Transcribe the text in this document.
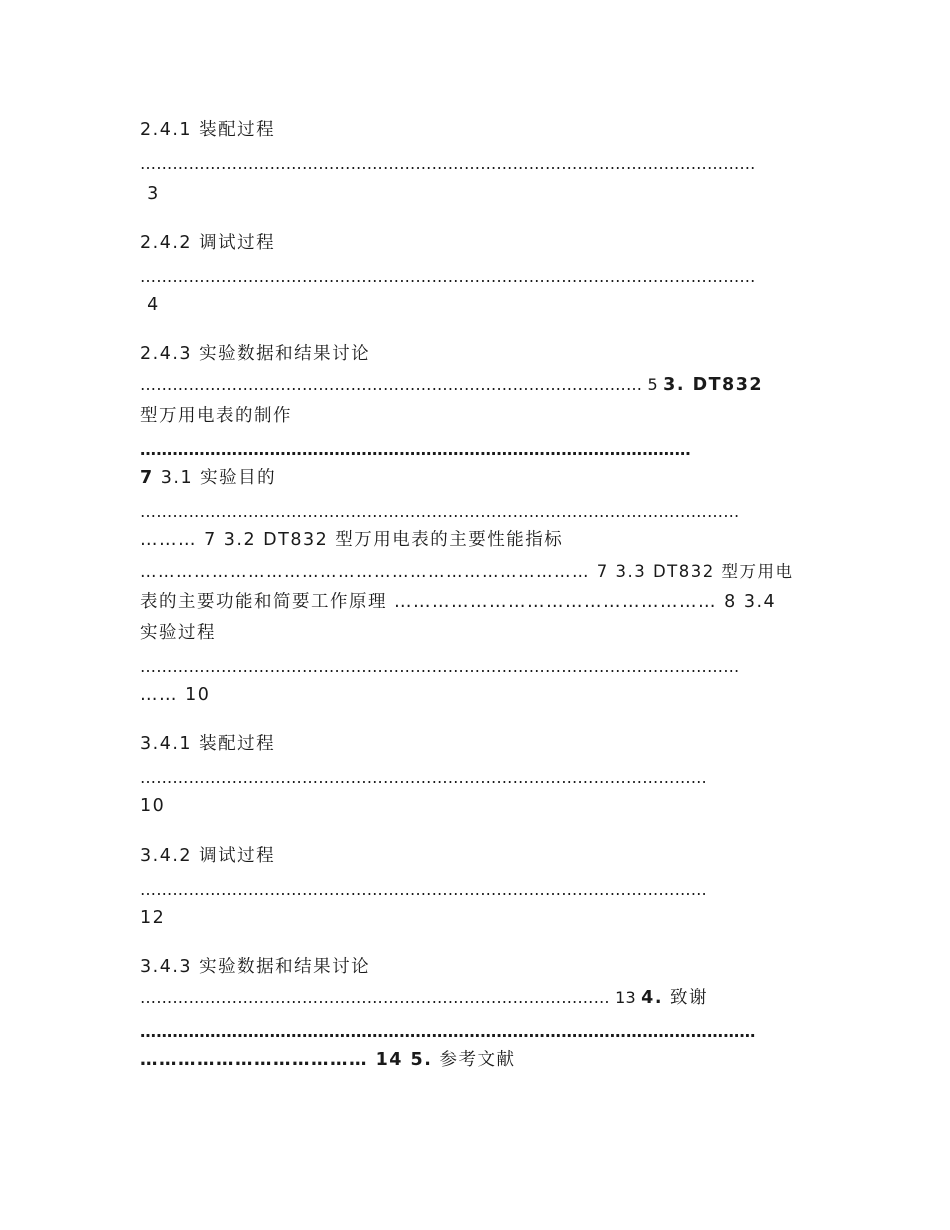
2.4.1 装配过程

……………………………………………………………………………………………………

3

2.4.2 调试过程

……………………………………………………………………………………………………

4

2.4.3 实验数据和结果讨论

………………………………………………………………………………… 5 3. DT832

型万用电表的制作

…………………………………………………………………………………………

7 3.1 实验目的

…………………………………………………………………………………………………

……… 7 3.2 DT832 型万用电表的主要性能指标

………………………………………………………………… 7 3.3 DT832 型万用电

表的主要功能和简要工作原理 …………………………………………… 8 3.4

实验过程

…………………………………………………………………………………………………

…… 10

3.4.1 装配过程

……………………………………………………………………………………………

10

3.4.2 调试过程

……………………………………………………………………………………………

12

3.4.3 实验数据和结果讨论

…………………………………………………………………………… 13 4. 致谢

……………………………………………………………………………………………………

……………………………… 14 5. 参考文献
